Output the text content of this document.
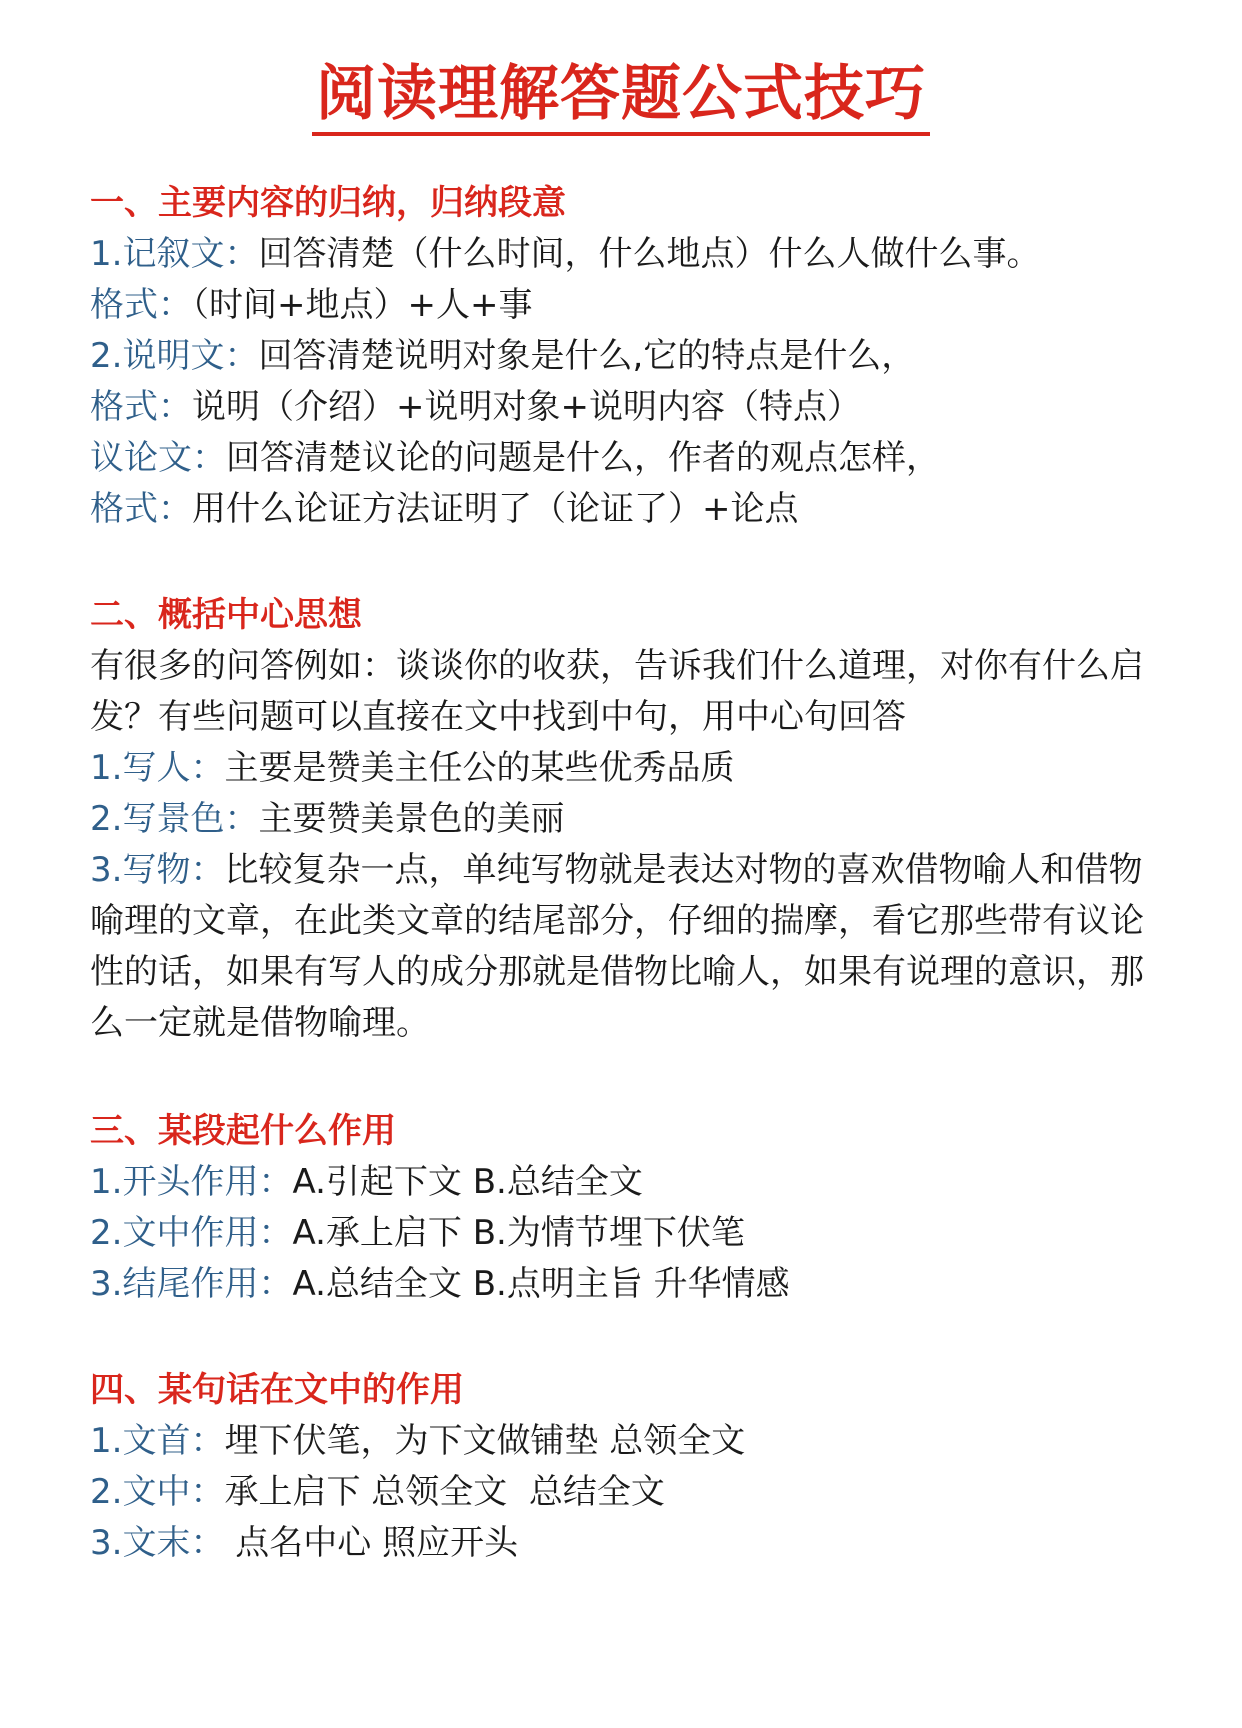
阅读理解答题公式技巧
一、主要内容的归纳，归纳段意
1.记叙文：回答清楚（什么时间，什么地点）什么人做什么事。
格式：（时间+地点）+人+事
2.说明文：回答清楚说明对象是什么,它的特点是什么，
格式：说明（介绍）+说明对象+说明内容（特点）
议论文：回答清楚议论的问题是什么，作者的观点怎样，
格式：用什么论证方法证明了（论证了）+论点
二、概括中心思想
有很多的问答例如：谈谈你的收获，告诉我们什么道理，对你有什么启发？有些问题可以直接在文中找到中句，用中心句回答
1.写人：主要是赞美主任公的某些优秀品质
2.写景色：主要赞美景色的美丽
3.写物：比较复杂一点，单纯写物就是表达对物的喜欢借物喻人和借物喻理的文章，在此类文章的结尾部分，仔细的揣摩，看它那些带有议论性的话，如果有写人的成分那就是借物比喻人，如果有说理的意识，那么一定就是借物喻理。
三、某段起什么作用
1.开头作用：A.引起下文 B.总结全文
2.文中作用：A.承上启下 B.为情节埋下伏笔
3.结尾作用：A.总结全文 B.点明主旨 升华情感
四、某句话在文中的作用
1.文首：埋下伏笔，为下文做铺垫 总领全文
2.文中：承上启下 总领全文  总结全文
3.文末： 点名中心 照应开头
